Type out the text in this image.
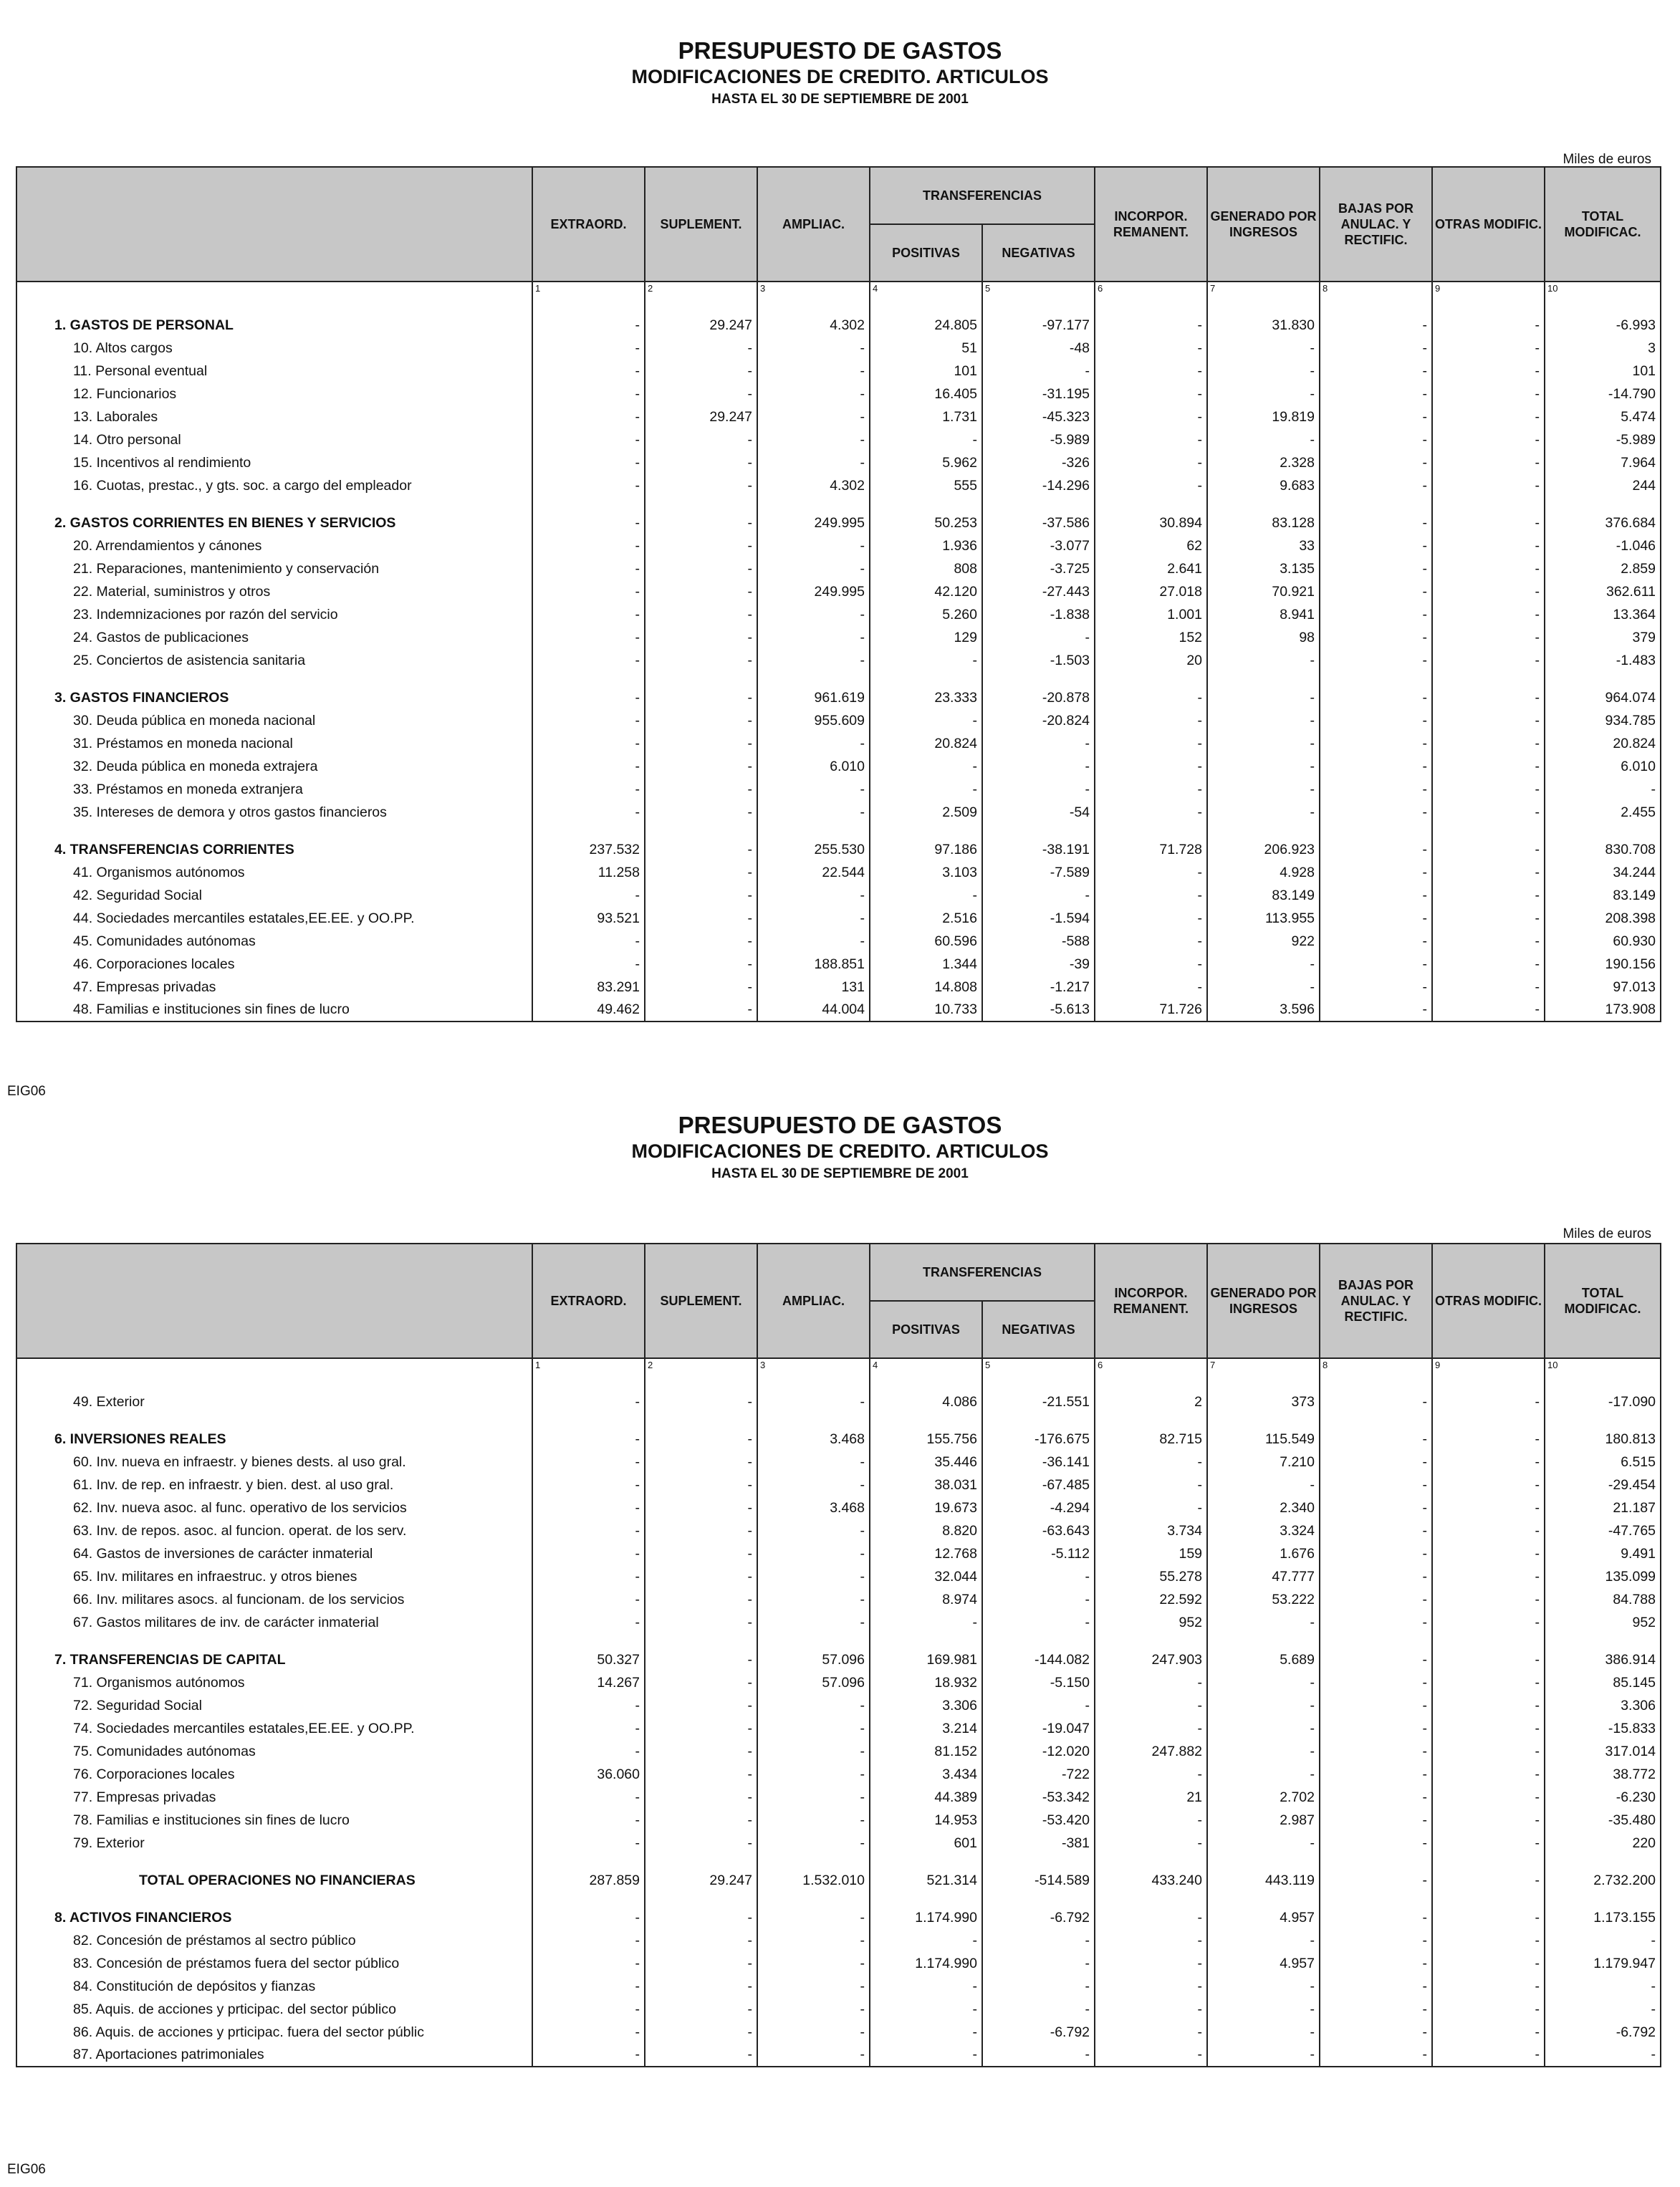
PRESUPUESTO DE GASTOS
MODIFICACIONES DE CREDITO. ARTICULOS
HASTA EL 30 DE SEPTIEMBRE DE 2001
Miles de euros
	EXTRAORD.	SUPLEMENT.	AMPLIAC.	TRANSFERENCIAS		INCORPOR. REMANENT.	GENERADO POR INGRESOS	BAJAS POR ANULAC. Y RECTIFIC.	OTRAS MODIFIC.	TOTAL MODIFICAC.
				POSITIVAS	NEGATIVAS					
	1	2	3	4	5	6	7	8	9	10

1. GASTOS DE PERSONAL	-	29.247	4.302	24.805	-97.177	-	31.830	-	-	-6.993
10. Altos cargos	-	-	-	51	-48	-	-	-	-	3
11. Personal eventual	-	-	-	101	-	-	-	-	-	101
12. Funcionarios	-	-	-	16.405	-31.195	-	-	-	-	-14.790
13. Laborales	-	29.247	-	1.731	-45.323	-	19.819	-	-	5.474
14. Otro personal	-	-	-	-	-5.989	-	-	-	-	-5.989
15. Incentivos al rendimiento	-	-	-	5.962	-326	-	2.328	-	-	7.964
16. Cuotas, prestac., y gts. soc. a cargo del empleador	-	-	4.302	555	-14.296	-	9.683	-	-	244

2. GASTOS CORRIENTES EN BIENES Y SERVICIOS	-	-	249.995	50.253	-37.586	30.894	83.128	-	-	376.684
20. Arrendamientos y cánones	-	-	-	1.936	-3.077	62	33	-	-	-1.046
21. Reparaciones, mantenimiento y conservación	-	-	-	808	-3.725	2.641	3.135	-	-	2.859
22. Material, suministros y otros	-	-	249.995	42.120	-27.443	27.018	70.921	-	-	362.611
23. Indemnizaciones por razón del servicio	-	-	-	5.260	-1.838	1.001	8.941	-	-	13.364
24. Gastos de publicaciones	-	-	-	129	-	152	98	-	-	379
25. Conciertos de asistencia sanitaria	-	-	-	-	-1.503	20	-	-	-	-1.483

3. GASTOS FINANCIEROS	-	-	961.619	23.333	-20.878	-	-	-	-	964.074
30. Deuda pública en moneda nacional	-	-	955.609	-	-20.824	-	-	-	-	934.785
31. Préstamos en moneda nacional	-	-	-	20.824	-	-	-	-	-	20.824
32. Deuda pública en moneda extrajera	-	-	6.010	-	-	-	-	-	-	6.010
33. Préstamos en moneda extranjera	-	-	-	-	-	-	-	-	-	-
35. Intereses de demora y otros gastos financieros	-	-	-	2.509	-54	-	-	-	-	2.455

4. TRANSFERENCIAS CORRIENTES	237.532	-	255.530	97.186	-38.191	71.728	206.923	-	-	830.708
41. Organismos autónomos	11.258	-	22.544	3.103	-7.589	-	4.928	-	-	34.244
42. Seguridad Social	-	-	-	-	-	-	83.149	-	-	83.149
44. Sociedades mercantiles estatales,EE.EE. y OO.PP.	93.521	-	-	2.516	-1.594	-	113.955	-	-	208.398
45. Comunidades autónomas	-	-	-	60.596	-588	-	922	-	-	60.930
46. Corporaciones locales	-	-	188.851	1.344	-39	-	-	-	-	190.156
47. Empresas privadas	83.291	-	131	14.808	-1.217	-	-	-	-	97.013
48. Familias e instituciones sin fines de lucro	49.462	-	44.004	10.733	-5.613	71.726	3.596	-	-	173.908
EIG06
PRESUPUESTO DE GASTOS
MODIFICACIONES DE CREDITO. ARTICULOS
HASTA EL 30 DE SEPTIEMBRE DE 2001
Miles de euros
	EXTRAORD.	SUPLEMENT.	AMPLIAC.	TRANSFERENCIAS		INCORPOR. REMANENT.	GENERADO POR INGRESOS	BAJAS POR ANULAC. Y RECTIFIC.	OTRAS MODIFIC.	TOTAL MODIFICAC.
				POSITIVAS	NEGATIVAS					
	1	2	3	4	5	6	7	8	9	10

49. Exterior	-	-	-	4.086	-21.551	2	373	-	-	-17.090

6. INVERSIONES REALES	-	-	3.468	155.756	-176.675	82.715	115.549	-	-	180.813
60. Inv. nueva en infraestr. y bienes dests. al uso gral.	-	-	-	35.446	-36.141	-	7.210	-	-	6.515
61. Inv. de rep. en infraestr. y bien. dest. al uso gral.	-	-	-	38.031	-67.485	-	-	-	-	-29.454
62. Inv. nueva asoc. al func. operativo de los servicios	-	-	3.468	19.673	-4.294	-	2.340	-	-	21.187
63. Inv. de repos. asoc. al funcion. operat. de los serv.	-	-	-	8.820	-63.643	3.734	3.324	-	-	-47.765
64. Gastos de inversiones de carácter inmaterial	-	-	-	12.768	-5.112	159	1.676	-	-	9.491
65. Inv. militares en infraestruc. y otros bienes	-	-	-	32.044	-	55.278	47.777	-	-	135.099
66. Inv. militares asocs. al funcionam. de los servicios	-	-	-	8.974	-	22.592	53.222	-	-	84.788
67. Gastos militares de inv. de carácter inmaterial	-	-	-	-	-	952	-	-	-	952

7. TRANSFERENCIAS DE CAPITAL	50.327	-	57.096	169.981	-144.082	247.903	5.689	-	-	386.914
71. Organismos autónomos	14.267	-	57.096	18.932	-5.150	-	-	-	-	85.145
72. Seguridad Social	-	-	-	3.306	-	-	-	-	-	3.306
74. Sociedades mercantiles estatales,EE.EE. y OO.PP.	-	-	-	3.214	-19.047	-	-	-	-	-15.833
75. Comunidades autónomas	-	-	-	81.152	-12.020	247.882	-	-	-	317.014
76. Corporaciones locales	36.060	-	-	3.434	-722	-	-	-	-	38.772
77. Empresas privadas	-	-	-	44.389	-53.342	21	2.702	-	-	-6.230
78. Familias e instituciones sin fines de lucro	-	-	-	14.953	-53.420	-	2.987	-	-	-35.480
79. Exterior	-	-	-	601	-381	-	-	-	-	220

TOTAL OPERACIONES NO FINANCIERAS	287.859	29.247	1.532.010	521.314	-514.589	433.240	443.119	-	-	2.732.200

8. ACTIVOS FINANCIEROS	-	-	-	1.174.990	-6.792	-	4.957	-	-	1.173.155
82. Concesión de préstamos al sectro público	-	-	-	-	-	-	-	-	-	-
83. Concesión de préstamos fuera del sector público	-	-	-	1.174.990	-	-	4.957	-	-	1.179.947
84. Constitución de depósitos y fianzas	-	-	-	-	-	-	-	-	-	-
85. Aquis. de acciones y prticipac. del sector público	-	-	-	-	-	-	-	-	-	-
86. Aquis. de acciones y prticipac. fuera del sector públic	-	-	-	-	-6.792	-	-	-	-	-6.792
87. Aportaciones patrimoniales	-	-	-	-	-	-	-	-	-	-
EIG06
